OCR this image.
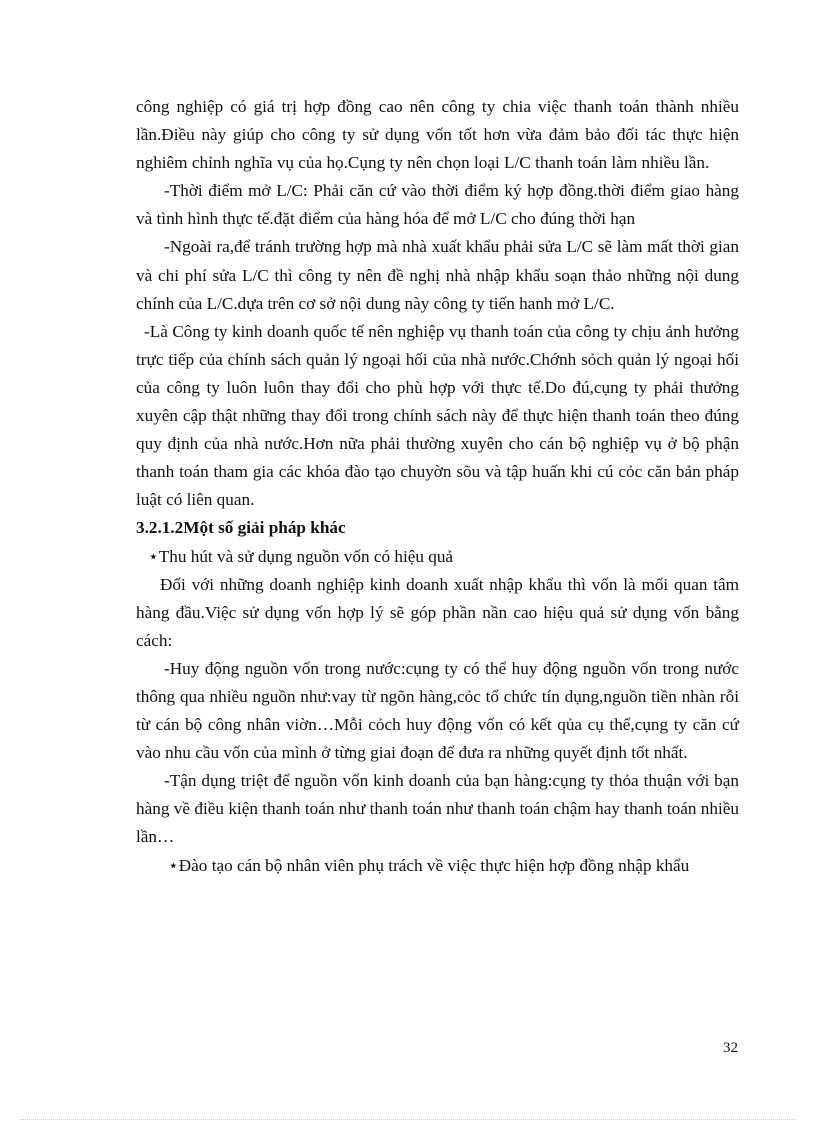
công nghiệp có giá trị hợp đồng cao nên công ty chia việc thanh toán thành nhiều lần.Điều này giúp cho công ty sử dụng vốn tốt hơn vừa đảm bảo đối tác thực hiện nghiêm chỉnh nghĩa vụ của họ.Cụng ty nên chọn loại L/C thanh toán làm nhiều lần.

-Thời điểm mở L/C: Phải căn cứ vào thời điểm ký hợp đồng.thời điểm giao hàng và tình hình thực tế.đặt điểm của hàng hóa để mở L/C cho đúng thời hạn

-Ngoài ra,để tránh trường hợp mà nhà xuất khẩu phải sửa L/C sẽ làm mất thời gian và chi phí sửa L/C thì công ty nên đề nghị nhà nhập khẩu soạn thảo những nội dung chính của L/C.dựa trên cơ sở nội dung này công ty tiến hanh mở L/C.

-Là Công ty kinh doanh quốc tế nên nghiệp vụ thanh toán của công ty chịu ảnh hưởng trực tiếp của chính sách quản lý ngoại hối của nhà nước.Chớnh sỏch quản lý ngoại hối của công ty luôn luôn thay đổi cho phù hợp với thực tế.Do đú,cụng ty phải thưởng xuyên cập thật những thay đổi trong chính sách này để thực hiện thanh toán theo đúng quy định của nhà nước.Hơn nữa phải thường xuyên cho cán bộ nghiệp vụ ở bộ phận thanh toán tham gia các khóa đào tạo chuyờn sõu và tập huấn khi cú cỏc căn bản pháp luật có liên quan.

3.2.1.2Một số giải pháp khác

⋆Thu hút và sử dụng nguồn vốn có hiệu quả

Đối với những doanh nghiệp kinh doanh xuất nhập khẩu thì vốn là mối quan tâm hàng đầu.Việc sử dụng vốn hợp lý sẽ góp phần nần cao hiệu quả sử dụng vốn bằng cách:

-Huy động nguồn vốn trong nước:cụng ty có thể huy động nguồn vốn trong nước thông qua nhiều nguồn như:vay từ ngõn hàng,cỏc tổ chức tín dụng,nguồn tiền nhàn rỗi từ cán bộ công nhân viờn…Mỗi cỏch huy động vốn có kết qủa cụ thể,cụng ty căn cứ vào nhu cầu vốn của mình ở từng giai đoạn để đưa ra những quyết định tốt nhất.

-Tận dụng triệt để nguồn vốn kinh doanh của bạn hàng:cụng ty thỏa thuận với bạn hàng về điều kiện thanh toán như thanh toán như thanh toán chậm hay thanh toán nhiều lần…

⋆Đào tạo cán bộ nhân viên phụ trách về việc thực hiện hợp đồng nhập khẩu

32
